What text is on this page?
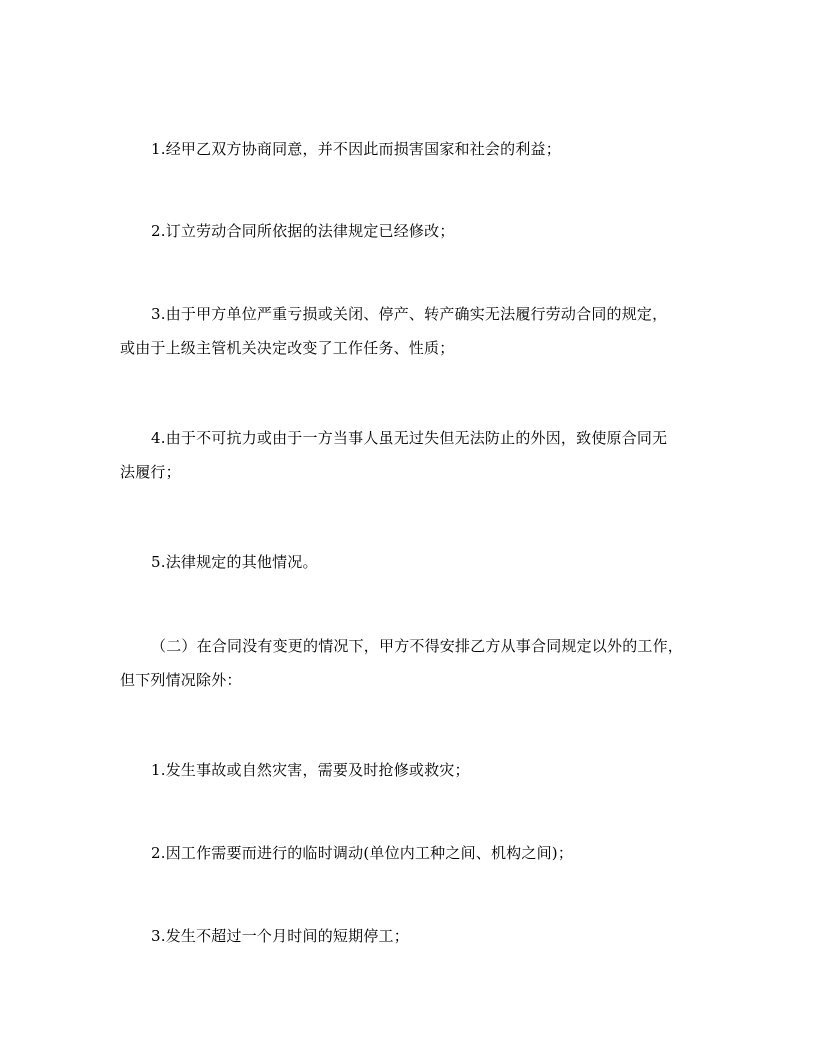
1.经甲乙双方协商同意，并不因此而损害国家和社会的利益；
2.订立劳动合同所依据的法律规定已经修改；
3.由于甲方单位严重亏损或关闭、停产、转产确实无法履行劳动合同的规定，
或由于上级主管机关决定改变了工作任务、性质；
4.由于不可抗力或由于一方当事人虽无过失但无法防止的外因，致使原合同无
法履行；
5.法律规定的其他情况。
（二）在合同没有变更的情况下，甲方不得安排乙方从事合同规定以外的工作，
但下列情况除外：
1.发生事故或自然灾害，需要及时抢修或救灾；
2.因工作需要而进行的临时调动(单位内工种之间、机构之间)；
3.发生不超过一个月时间的短期停工；
